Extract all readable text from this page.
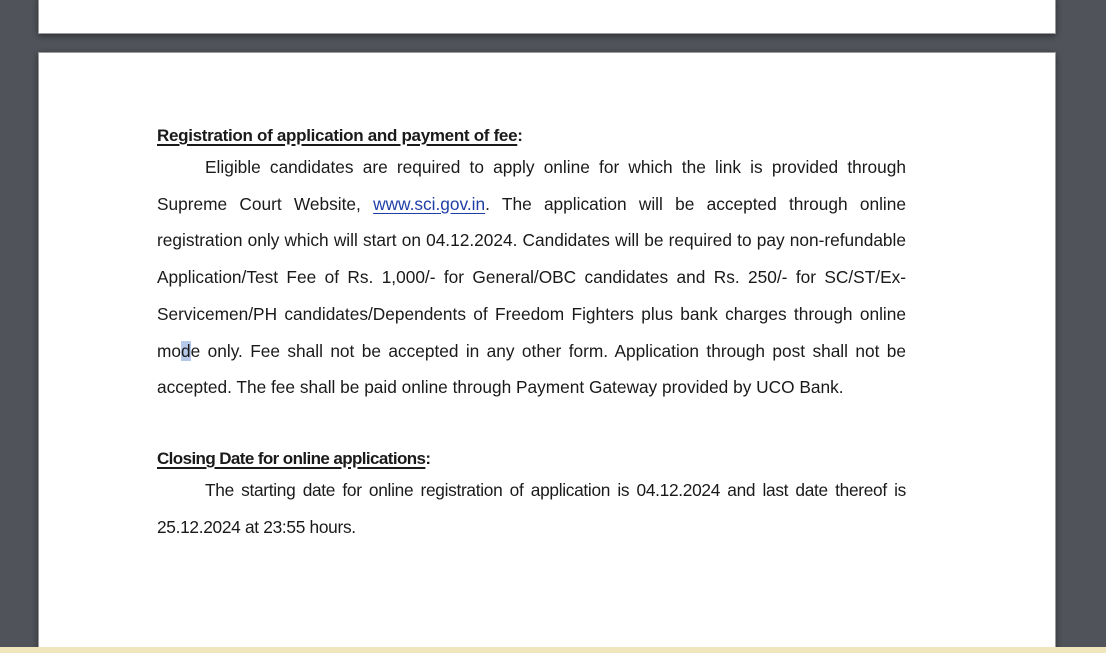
Registration of application and payment of fee:

Eligible candidates are required to apply online for which the link is provided through Supreme Court Website, www.sci.gov.in. The application will be accepted through online registration only which will start on 04.12.2024. Candidates will be required to pay non-refundable Application/Test Fee of Rs. 1,000/- for General/OBC candidates and Rs. 250/- for SC/ST/Ex-Servicemen/PH candidates/Dependents of Freedom Fighters plus bank charges through online mode only. Fee shall not be accepted in any other form. Application through post shall not be accepted. The fee shall be paid online through Payment Gateway provided by UCO Bank.

Closing Date for online applications:

The starting date for online registration of application is 04.12.2024 and last date thereof is 25.12.2024 at 23:55 hours.
